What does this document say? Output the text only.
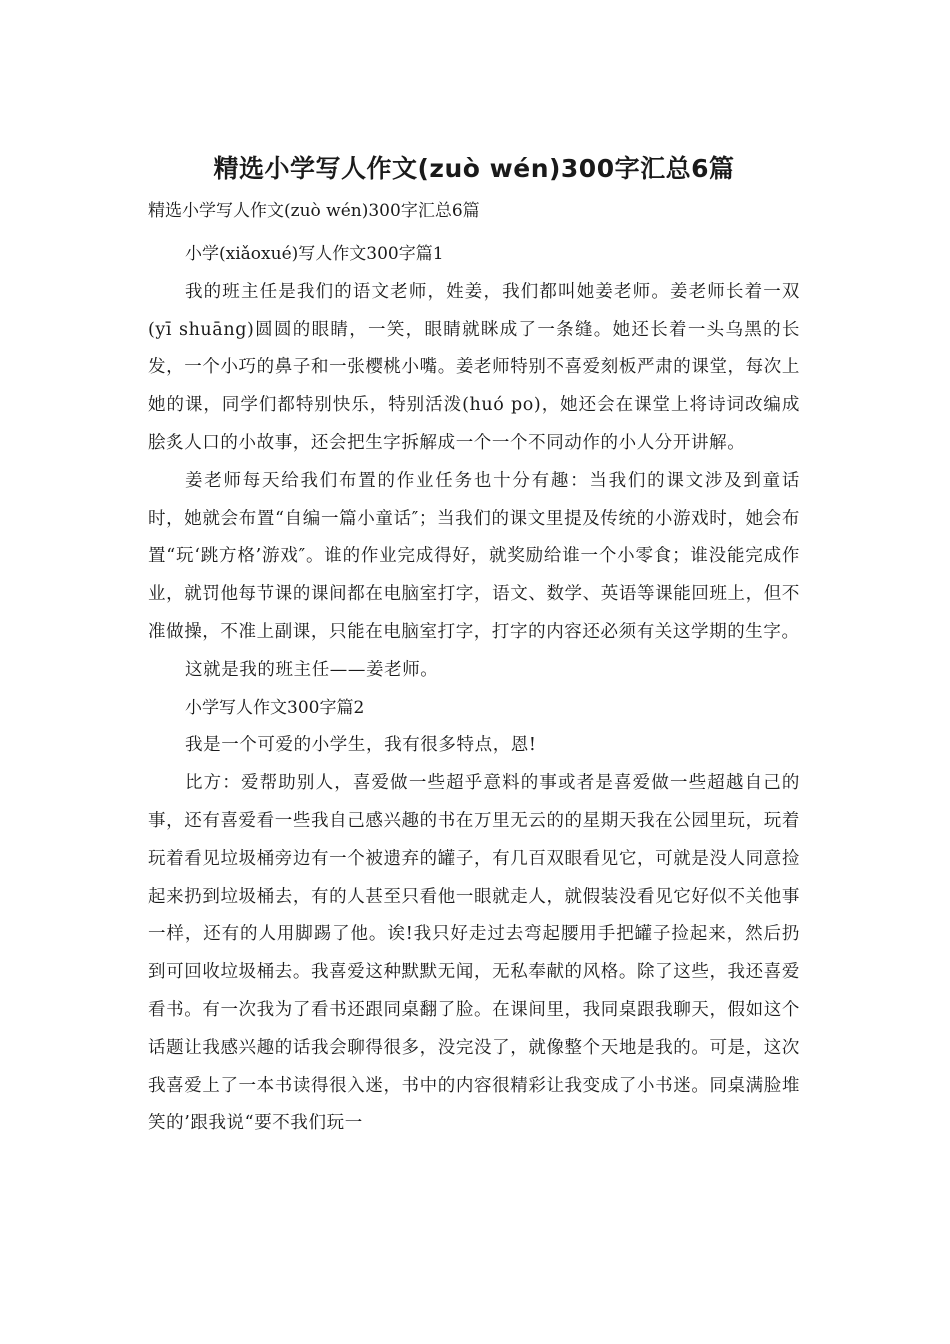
精选小学写人作文(zuò wén)300字汇总6篇

精选小学写人作文(zuò wén)300字汇总6篇

小学(xiǎoxué)写人作文300字篇1

我的班主任是我们的语文老师，姓姜，我们都叫她姜老师。姜老师长着一双(yī shuāng)圆圆的眼睛，一笑，眼睛就眯成了一条缝。她还长着一头乌黑的长发，一个小巧的鼻子和一张樱桃小嘴。姜老师特别不喜爱刻板严肃的课堂，每次上她的课，同学们都特别快乐，特别活泼(huó po)，她还会在课堂上将诗词改编成脍炙人口的小故事，还会把生字拆解成一个一个不同动作的小人分开讲解。

姜老师每天给我们布置的作业任务也十分有趣：当我们的课文涉及到童话时，她就会布置“自编一篇小童话″；当我们的课文里提及传统的小游戏时，她会布置“玩‘跳方格’游戏″。谁的作业完成得好，就奖励给谁一个小零食；谁没能完成作业，就罚他每节课的课间都在电脑室打字，语文、数学、英语等课能回班上，但不准做操，不准上副课，只能在电脑室打字，打字的内容还必须有关这学期的生字。

这就是我的班主任——姜老师。

小学写人作文300字篇2

我是一个可爱的小学生，我有很多特点，恩!

比方：爱帮助别人，喜爱做一些超乎意料的事或者是喜爱做一些超越自己的事，还有喜爱看一些我自己感兴趣的书在万里无云的的星期天我在公园里玩，玩着玩着看见垃圾桶旁边有一个被遗弃的罐子，有几百双眼看见它，可就是没人同意捡起来扔到垃圾桶去，有的人甚至只看他一眼就走人，就假装没看见它好似不关他事一样，还有的人用脚踢了他。诶!我只好走过去弯起腰用手把罐子捡起来，然后扔到可回收垃圾桶去。我喜爱这种默默无闻，无私奉献的风格。除了这些，我还喜爱看书。有一次我为了看书还跟同桌翻了脸。在课间里，我同桌跟我聊天，假如这个话题让我感兴趣的话我会聊得很多，没完没了，就像整个天地是我的。可是，这次我喜爱上了一本书读得很入迷，书中的内容很精彩让我变成了小书迷。同桌满脸堆笑的’跟我说“要不我们玩一
